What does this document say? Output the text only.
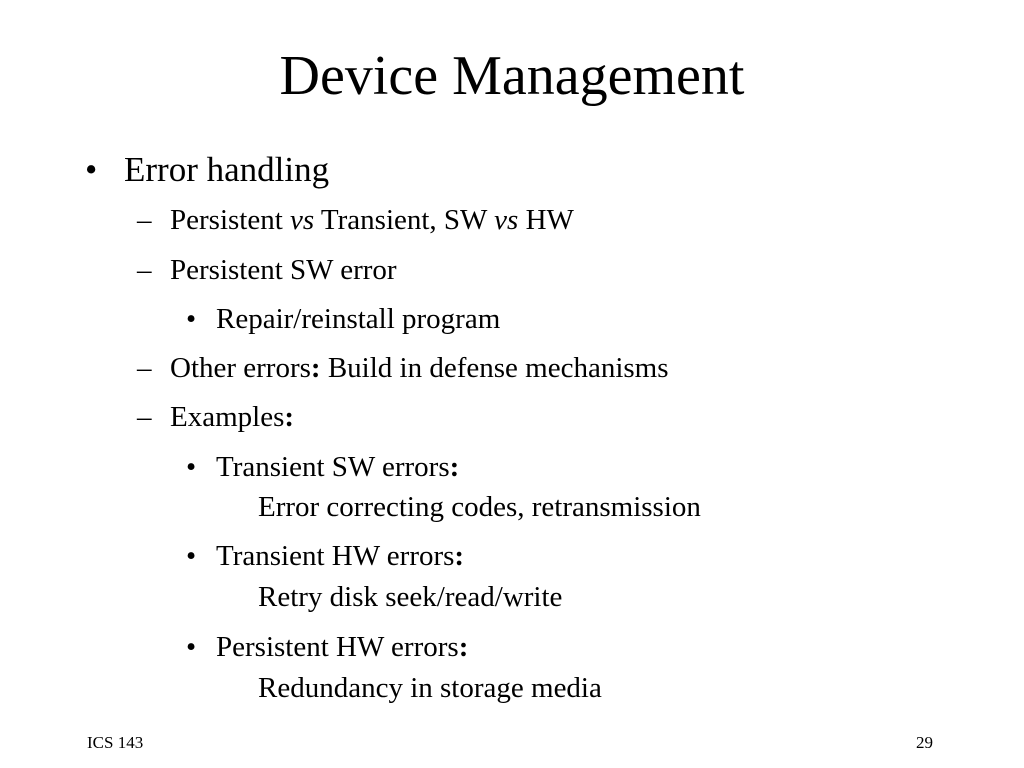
Device Management
• Error handling
– Persistent vs Transient, SW vs HW
– Persistent SW error
• Repair/reinstall program
– Other errors: Build in defense mechanisms
– Examples:
• Transient SW errors:
Error correcting codes, retransmission
• Transient HW errors:
Retry disk seek/read/write
• Persistent HW errors:
Redundancy in storage media
ICS 143	29
